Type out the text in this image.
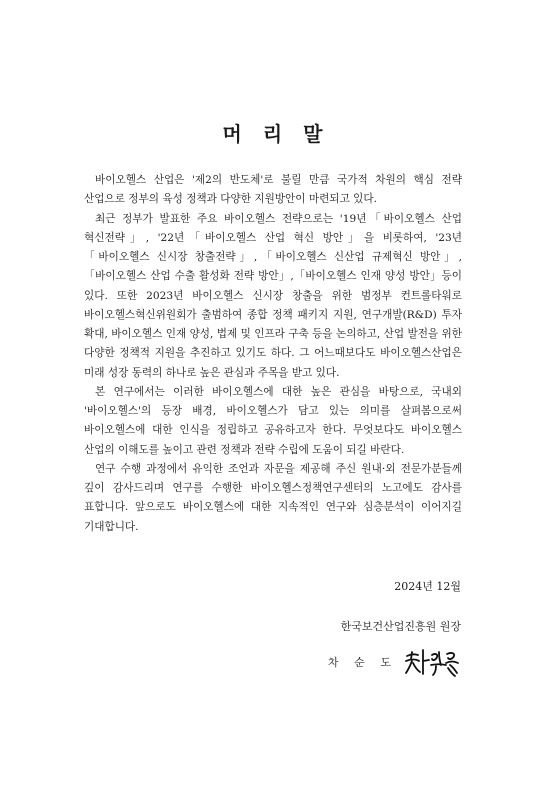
머 리 말

바이오헬스 산업은 '제2의 반도체'로 불릴 만큼 국가적 차원의 핵심 전략 산업으로 정부의 육성 정책과 다양한 지원방안이 마련되고 있다.

최근 정부가 발표한 주요 바이오헬스 전략으로는 '19년「바이오헬스 산업 혁신전략」, '22년「바이오헬스 산업 혁신 방안」을 비롯하여, '23년「바이오헬스 신시장 창출전략」,「바이오헬스 신산업 규제혁신 방안」,「바이오헬스 산업 수출 활성화 전략 방안」,「바이오헬스 인재 양성 방안」등이 있다. 또한 2023년 바이오헬스 신시장 창출을 위한 범정부 컨트롤타워로 바이오헬스혁신위원회가 출범하여 종합 정책 패키지 지원, 연구개발(R&D) 투자 확대, 바이오헬스 인재 양성, 법제 및 인프라 구축 등을 논의하고, 산업 발전을 위한 다양한 정책적 지원을 추진하고 있기도 하다. 그 어느때보다도 바이오헬스산업은 미래 성장 동력의 하나로 높은 관심과 주목을 받고 있다.

본 연구에서는 이러한 바이오헬스에 대한 높은 관심을 바탕으로, 국내외 '바이오헬스'의 등장 배경, 바이오헬스가 담고 있는 의미를 살펴봄으로써 바이오헬스에 대한 인식을 정립하고 공유하고자 한다. 무엇보다도 바이오헬스 산업의 이해도를 높이고 관련 정책과 전략 수립에 도움이 되길 바란다.

연구 수행 과정에서 유익한 조언과 자문을 제공해 주신 원내·외 전문가분들께 깊이 감사드리며 연구를 수행한 바이오헬스정책연구센터의 노고에도 감사를 표합니다. 앞으로도 바이오헬스에 대한 지속적인 연구와 심층분석이 이어지길 기대합니다.

2024년 12월
한국보건산업진흥원 원장
차 순 도
